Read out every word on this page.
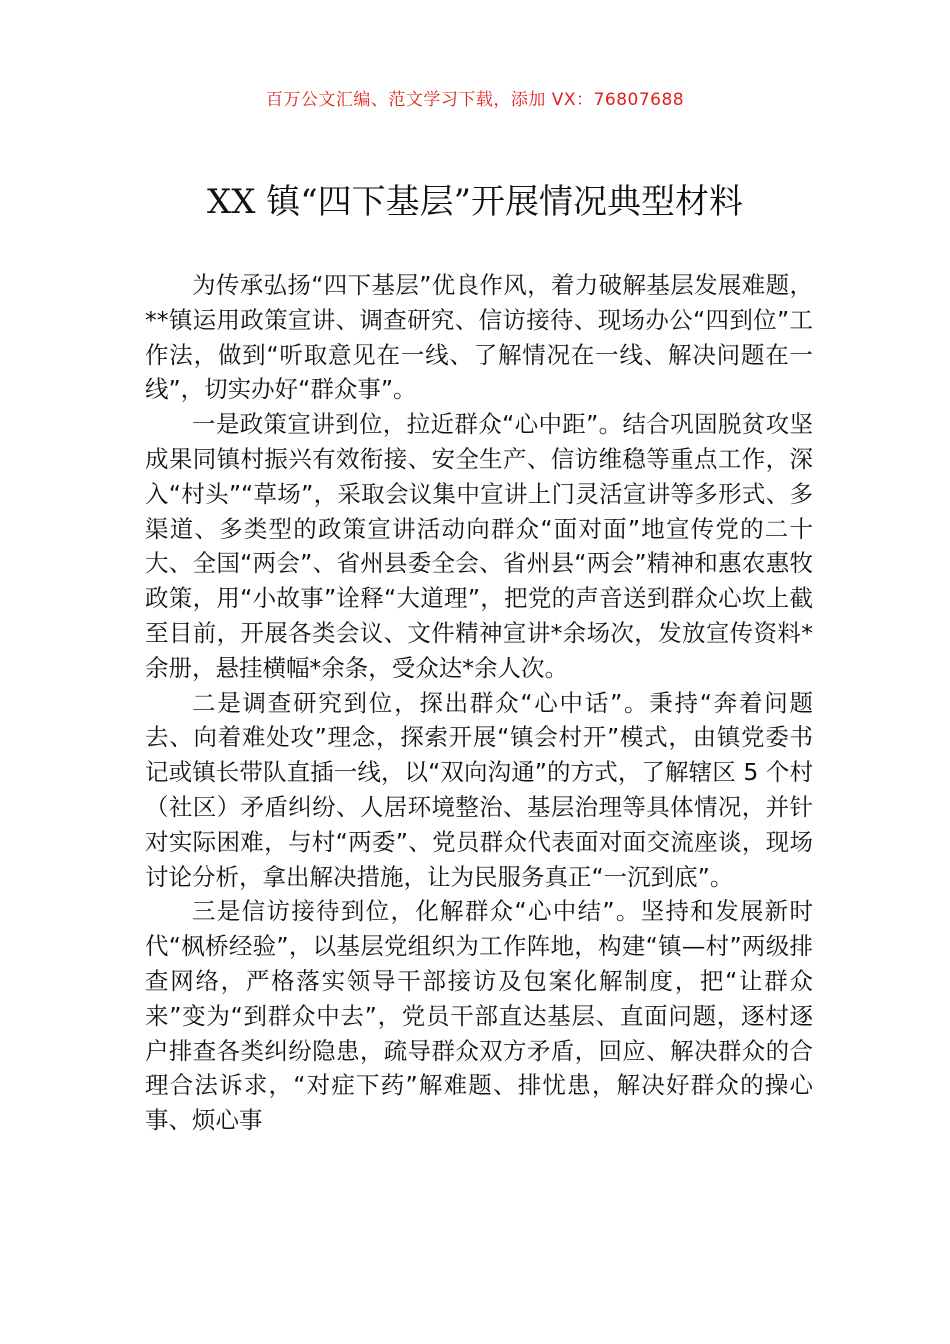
百万公文汇编、范文学习下载，添加 VX：76807688
XX 镇“四下基层”开展情况典型材料

为传承弘扬“四下基层”优良作风，着力破解基层发展难题，**镇运用政策宣讲、调查研究、信访接待、现场办公“四到位”工作法，做到“听取意见在一线、了解情况在一线、解决问题在一线”，切实办好“群众事”。

一是政策宣讲到位，拉近群众“心中距”。结合巩固脱贫攻坚成果同镇村振兴有效衔接、安全生产、信访维稳等重点工作，深入“村头”“草场”，采取会议集中宣讲上门灵活宣讲等多形式、多渠道、多类型的政策宣讲活动向群众“面对面”地宣传党的二十大、全国“两会”、省州县委全会、省州县“两会”精神和惠农惠牧政策，用“小故事”诠释“大道理”，把党的声音送到群众心坎上截至目前，开展各类会议、文件精神宣讲*余场次，发放宣传资料*余册，悬挂横幅*余条，受众达*余人次。

二是调查研究到位，探出群众“心中话”。秉持“奔着问题去、向着难处攻”理念，探索开展“镇会村开”模式，由镇党委书记或镇长带队直插一线，以“双向沟通”的方式，了解辖区 5 个村（社区）矛盾纠纷、人居环境整治、基层治理等具体情况，并针对实际困难，与村“两委”、党员群众代表面对面交流座谈，现场讨论分析，拿出解决措施，让为民服务真正“一沉到底”。

三是信访接待到位，化解群众“心中结”。坚持和发展新时代“枫桥经验”，以基层党组织为工作阵地，构建“镇—村”两级排查网络，严格落实领导干部接访及包案化解制度，把“让群众来”变为“到群众中去”，党员干部直达基层、直面问题，逐村逐户排查各类纠纷隐患，疏导群众双方矛盾，回应、解决群众的合理合法诉求，“对症下药”解难题、排忧患，解决好群众的操心事、烦心事
